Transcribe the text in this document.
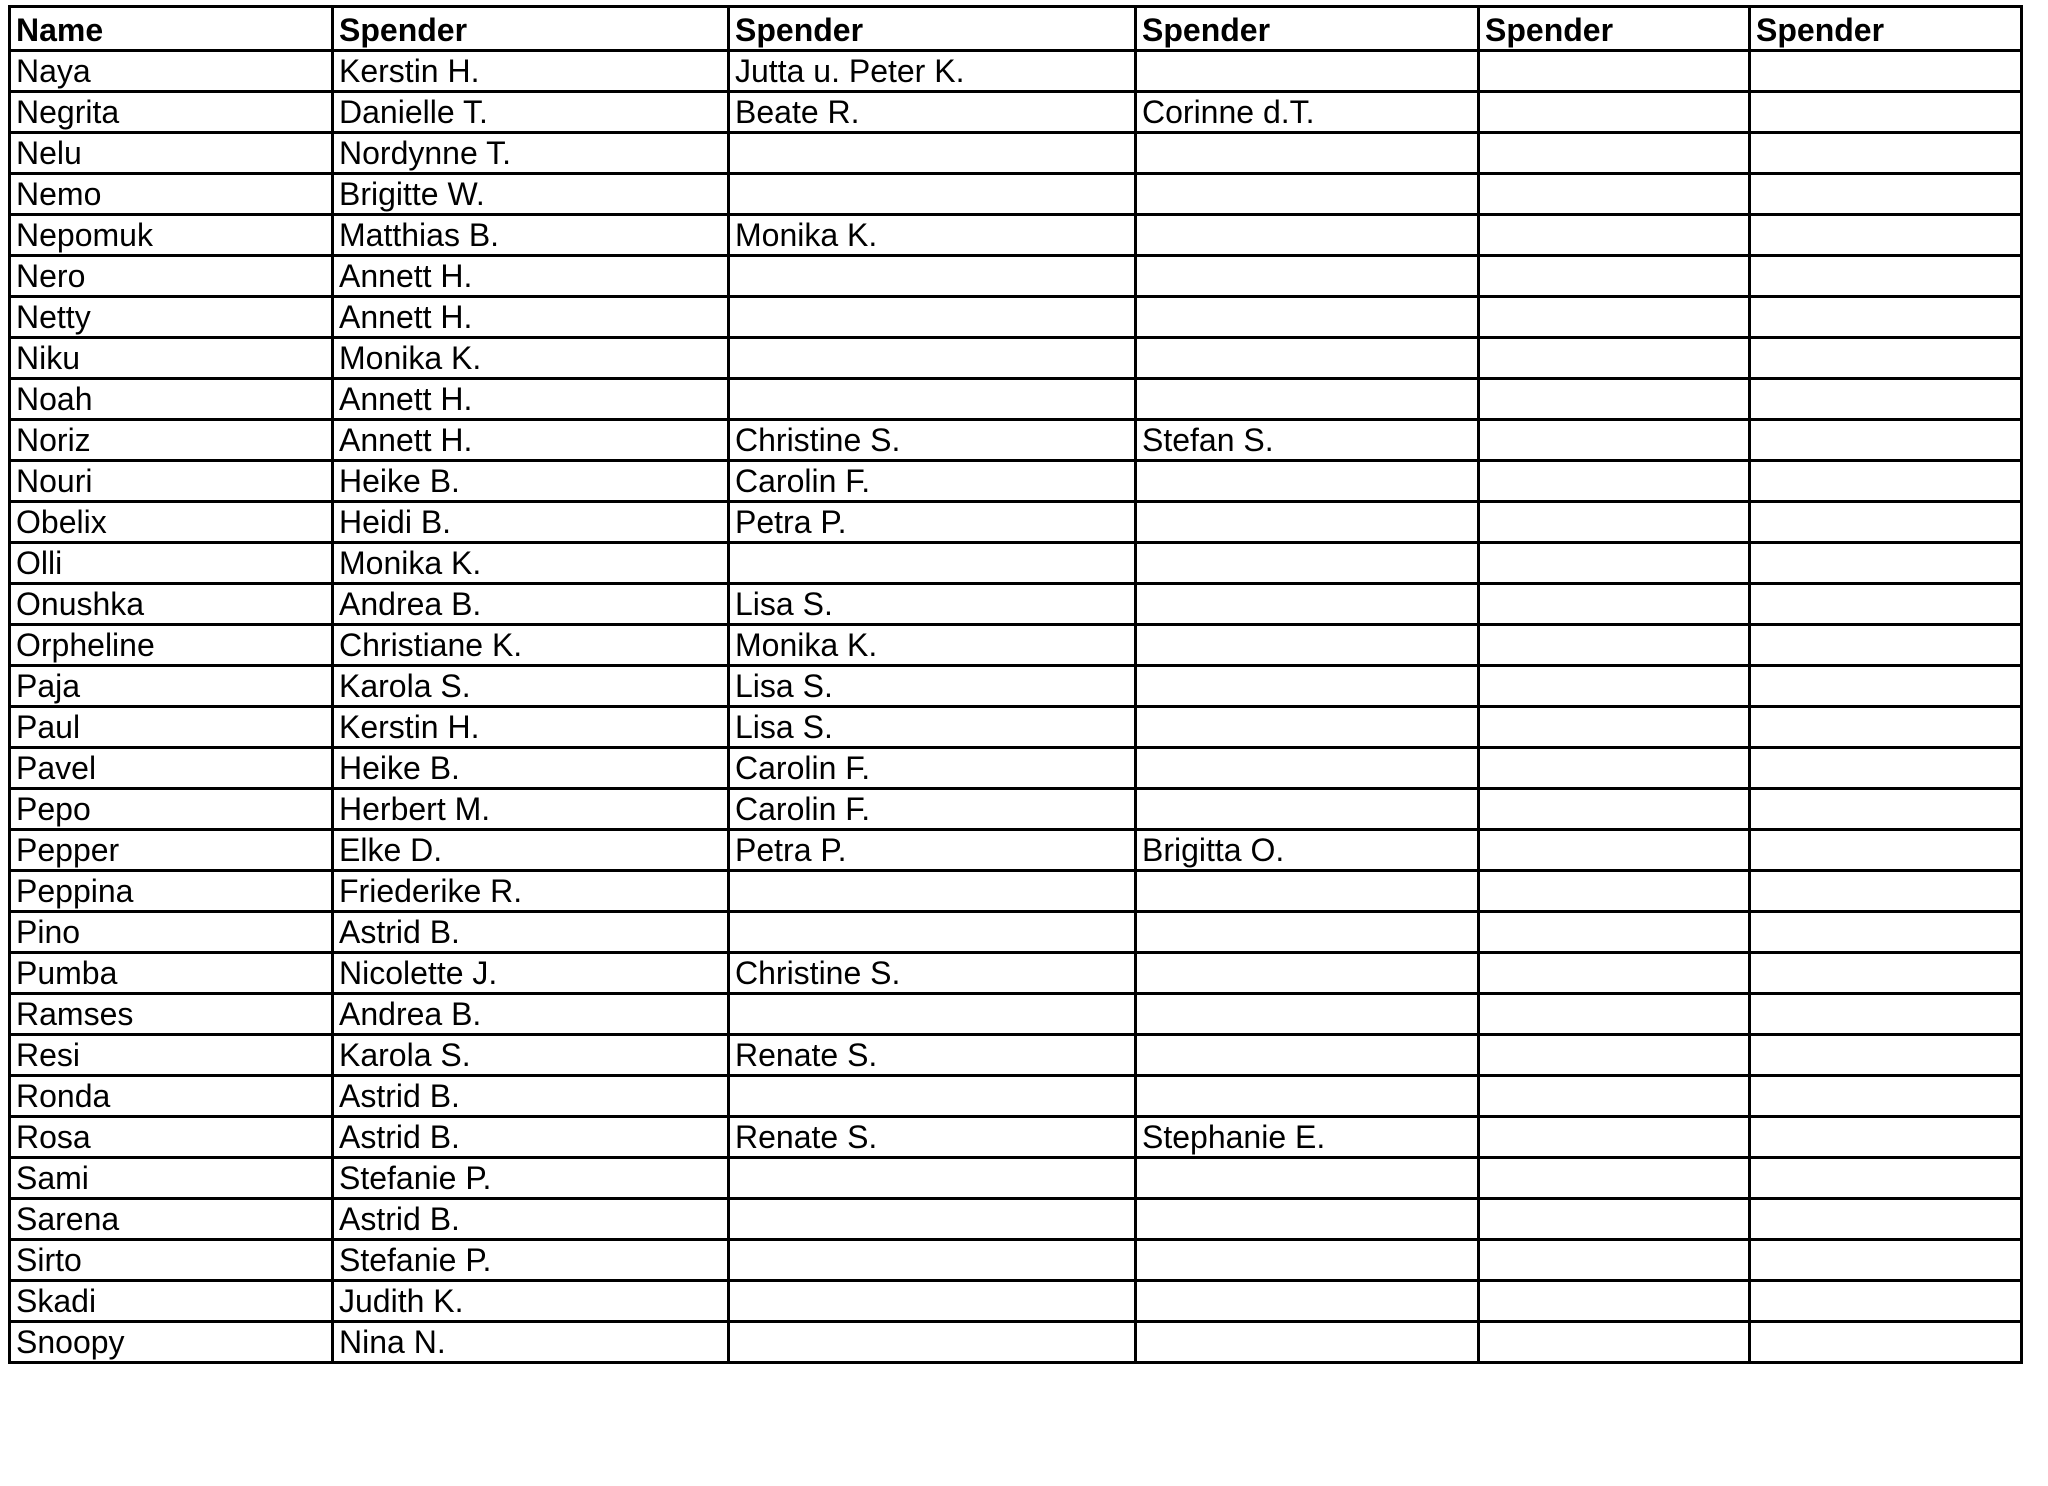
Name	Spender	Spender	Spender	Spender	Spender
Naya	Kerstin H.	Jutta u. Peter K.			
Negrita	Danielle T.	Beate R.	Corinne d.T.		
Nelu	Nordynne T.				
Nemo	Brigitte W.				
Nepomuk	Matthias B.	Monika K.			
Nero	Annett H.				
Netty	Annett H.				
Niku	Monika K.				
Noah	Annett H.				
Noriz	Annett H.	Christine S.	Stefan S.		
Nouri	Heike B.	Carolin F.			
Obelix	Heidi B.	Petra P.			
Olli	Monika K.				
Onushka	Andrea B.	Lisa S.			
Orpheline	Christiane K.	Monika K.			
Paja	Karola S.	Lisa S.			
Paul	Kerstin H.	Lisa S.			
Pavel	Heike B.	Carolin F.			
Pepo	Herbert M.	Carolin F.			
Pepper	Elke D.	Petra P.	Brigitta O.		
Peppina	Friederike R.				
Pino	Astrid B.				
Pumba	Nicolette J.	Christine S.			
Ramses	Andrea B.				
Resi	Karola S.	Renate S.			
Ronda	Astrid B.				
Rosa	Astrid B.	Renate S.	Stephanie E.		
Sami	Stefanie P.				
Sarena	Astrid B.				
Sirto	Stefanie P.				
Skadi	Judith K.				
Snoopy	Nina N.				
